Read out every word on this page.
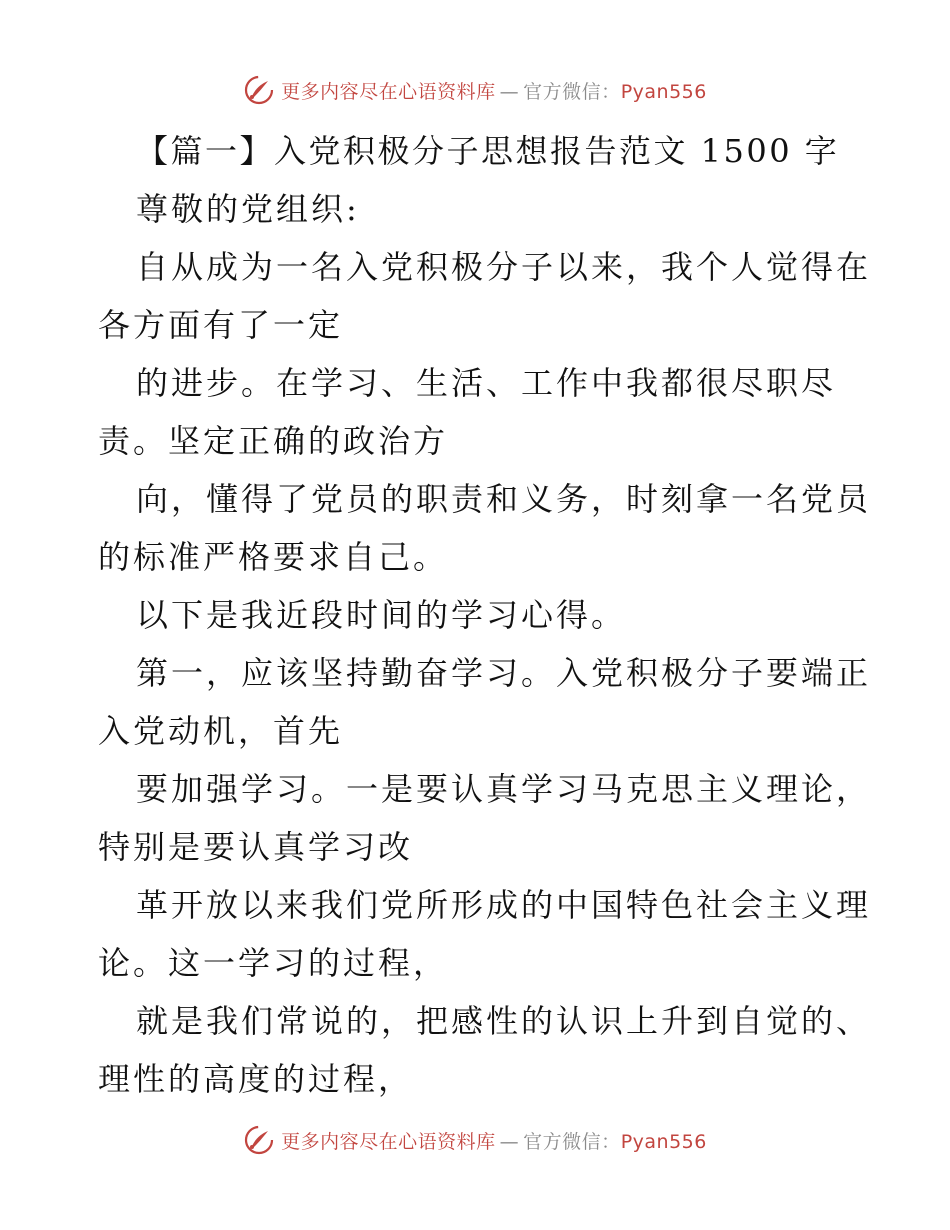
更多内容尽在心语资料库 — 官方微信：Pyan556
【篇一】入党积极分子思想报告范文 1500 字
尊敬的党组织:
自从成为一名入党积极分子以来，我个人觉得在
各方面有了一定
的进步。在学习、生活、工作中我都很尽职尽
责。坚定正确的政治方
向，懂得了党员的职责和义务，时刻拿一名党员
的标准严格要求自己。
以下是我近段时间的学习心得。
第一，应该坚持勤奋学习。入党积极分子要端正
入党动机，首先
要加强学习。一是要认真学习马克思主义理论，
特别是要认真学习改
革开放以来我们党所形成的中国特色社会主义理
论。这一学习的过程，
就是我们常说的，把感性的认识上升到自觉的、
理性的高度的过程，
更多内容尽在心语资料库 — 官方微信：Pyan556
